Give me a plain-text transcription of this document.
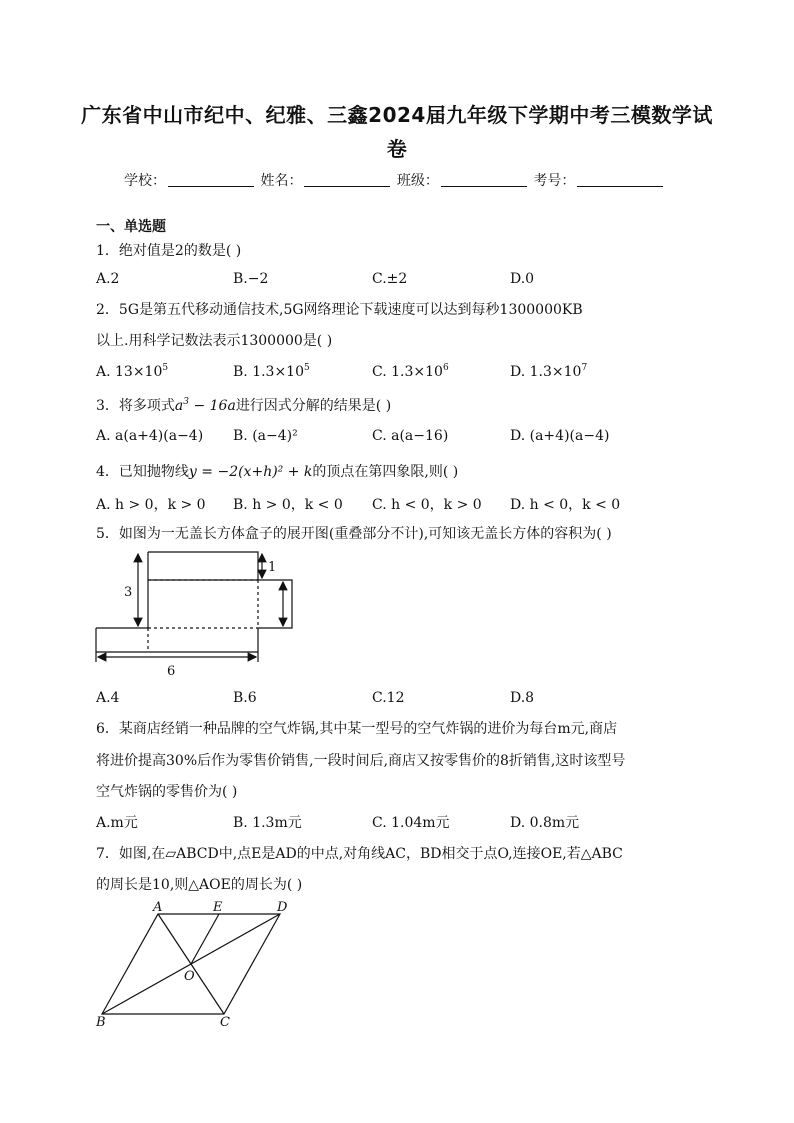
广东省中山市纪中、纪雅、三鑫2024届九年级下学期中考三模数学试
卷
学校：	姓名：	班级：	考号：
一、单选题
1．绝对值是2的数是( )
A.2	B.−2	C.±2	D.0
2．5G是第五代移动通信技术,5G网络理论下载速度可以达到每秒1300000KB
以上.用科学记数法表示1300000是( )
A. $13\times 10^5$	B. $1.3\times 10^5$	C. $1.3\times 10^6$	D. $1.3\times 10^7$
3．将多项式$a^3 - 16a$进行因式分解的结果是( )
A. a(a+4)(a−4) B. (a−4)²	C. a(a−16)	D. (a+4)(a−4)
4．已知抛物线y = −2(x+h)² + k的顶点在第四象限,则( )
A. h > 0，k > 0 B. h > 0，k < 0 C. h < 0，k > 0 D. h < 0，k < 0
5．如图为一无盖长方体盒子的展开图(重叠部分不计),可知该无盖长方体的容积为( )
3
1
6
A.4	B.6	C.12	D.8
6．某商店经销一种品牌的空气炸锅,其中某一型号的空气炸锅的进价为每台m元,商店
将进价提高30%后作为零售价销售,一段时间后,商店又按零售价的8折销售,这时该型号
空气炸锅的零售价为( )
A.m元	B. 1.3m元	C. 1.04m元	D. 0.8m元
7．如图,在▱ABCD中,点E是AD的中点,对角线AC，BD相交于点O,连接OE,若△ABC
的周长是10,则△AOE的周长为( )
A	E	D
O
B	C
